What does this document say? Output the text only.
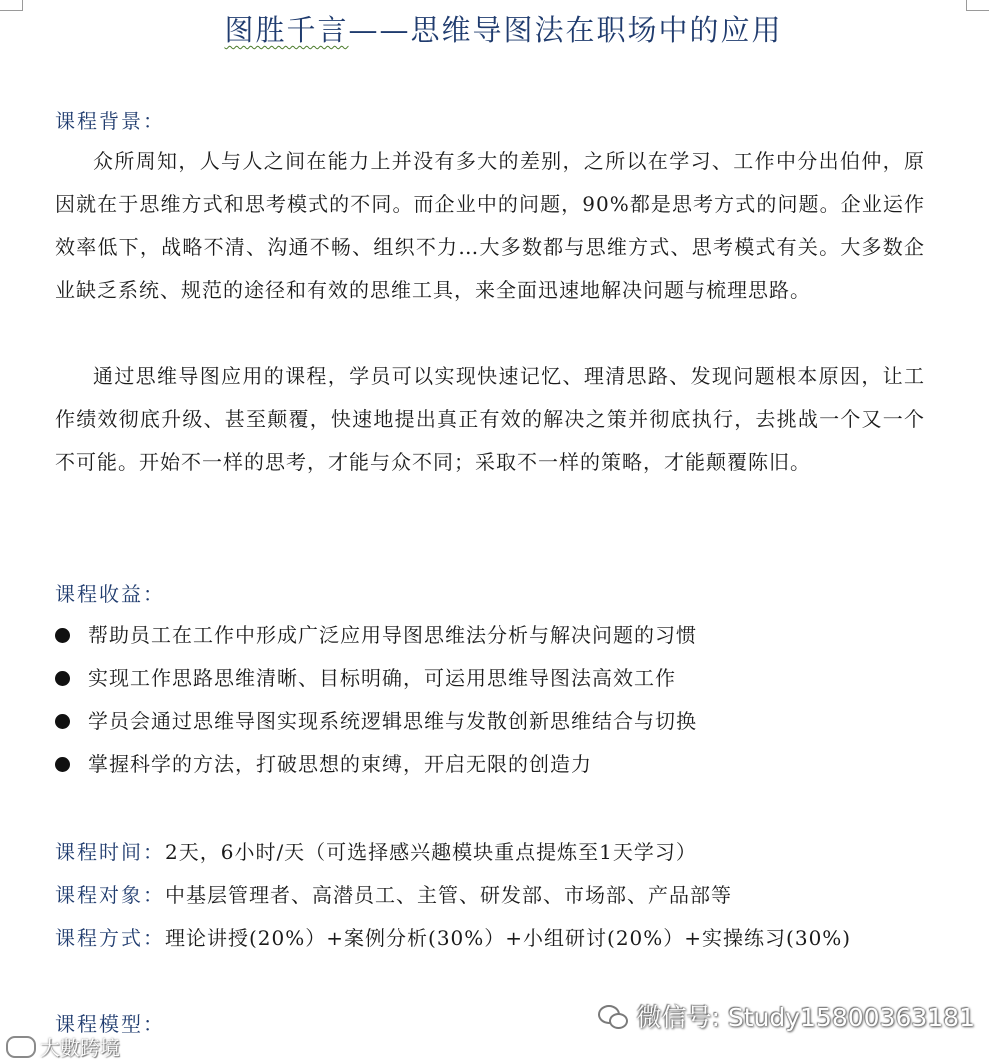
图胜千言——思维导图法在职场中的应用
课程背景：

众所周知，人与人之间在能力上并没有多大的差别，之所以在学习、工作中分出伯仲，原因就在于思维方式和思考模式的不同。而企业中的问题，90%都是思考方式的问题。企业运作效率低下，战略不清、沟通不畅、组织不力…大多数都与思维方式、思考模式有关。大多数企业缺乏系统、规范的途径和有效的思维工具，来全面迅速地解决问题与梳理思路。

通过思维导图应用的课程，学员可以实现快速记忆、理清思路、发现问题根本原因，让工作绩效彻底升级、甚至颠覆，快速地提出真正有效的解决之策并彻底执行，去挑战一个又一个不可能。开始不一样的思考，才能与众不同；采取不一样的策略，才能颠覆陈旧。

课程收益：
帮助员工在工作中形成广泛应用导图思维法分析与解决问题的习惯
实现工作思路思维清晰、目标明确，可运用思维导图法高效工作
学员会通过思维导图实现系统逻辑思维与发散创新思维结合与切换
掌握科学的方法，打破思想的束缚，开启无限的创造力
课程时间：2天，6小时/天（可选择感兴趣模块重点提炼至1天学习）
课程对象：中基层管理者、高潜员工、主管、研发部、市场部、产品部等
课程方式：理论讲授(20%）+案例分析(30%）+小组研讨(20%）+实操练习(30%)
课程模型：	微信号: Study15800363181
大數跨境
